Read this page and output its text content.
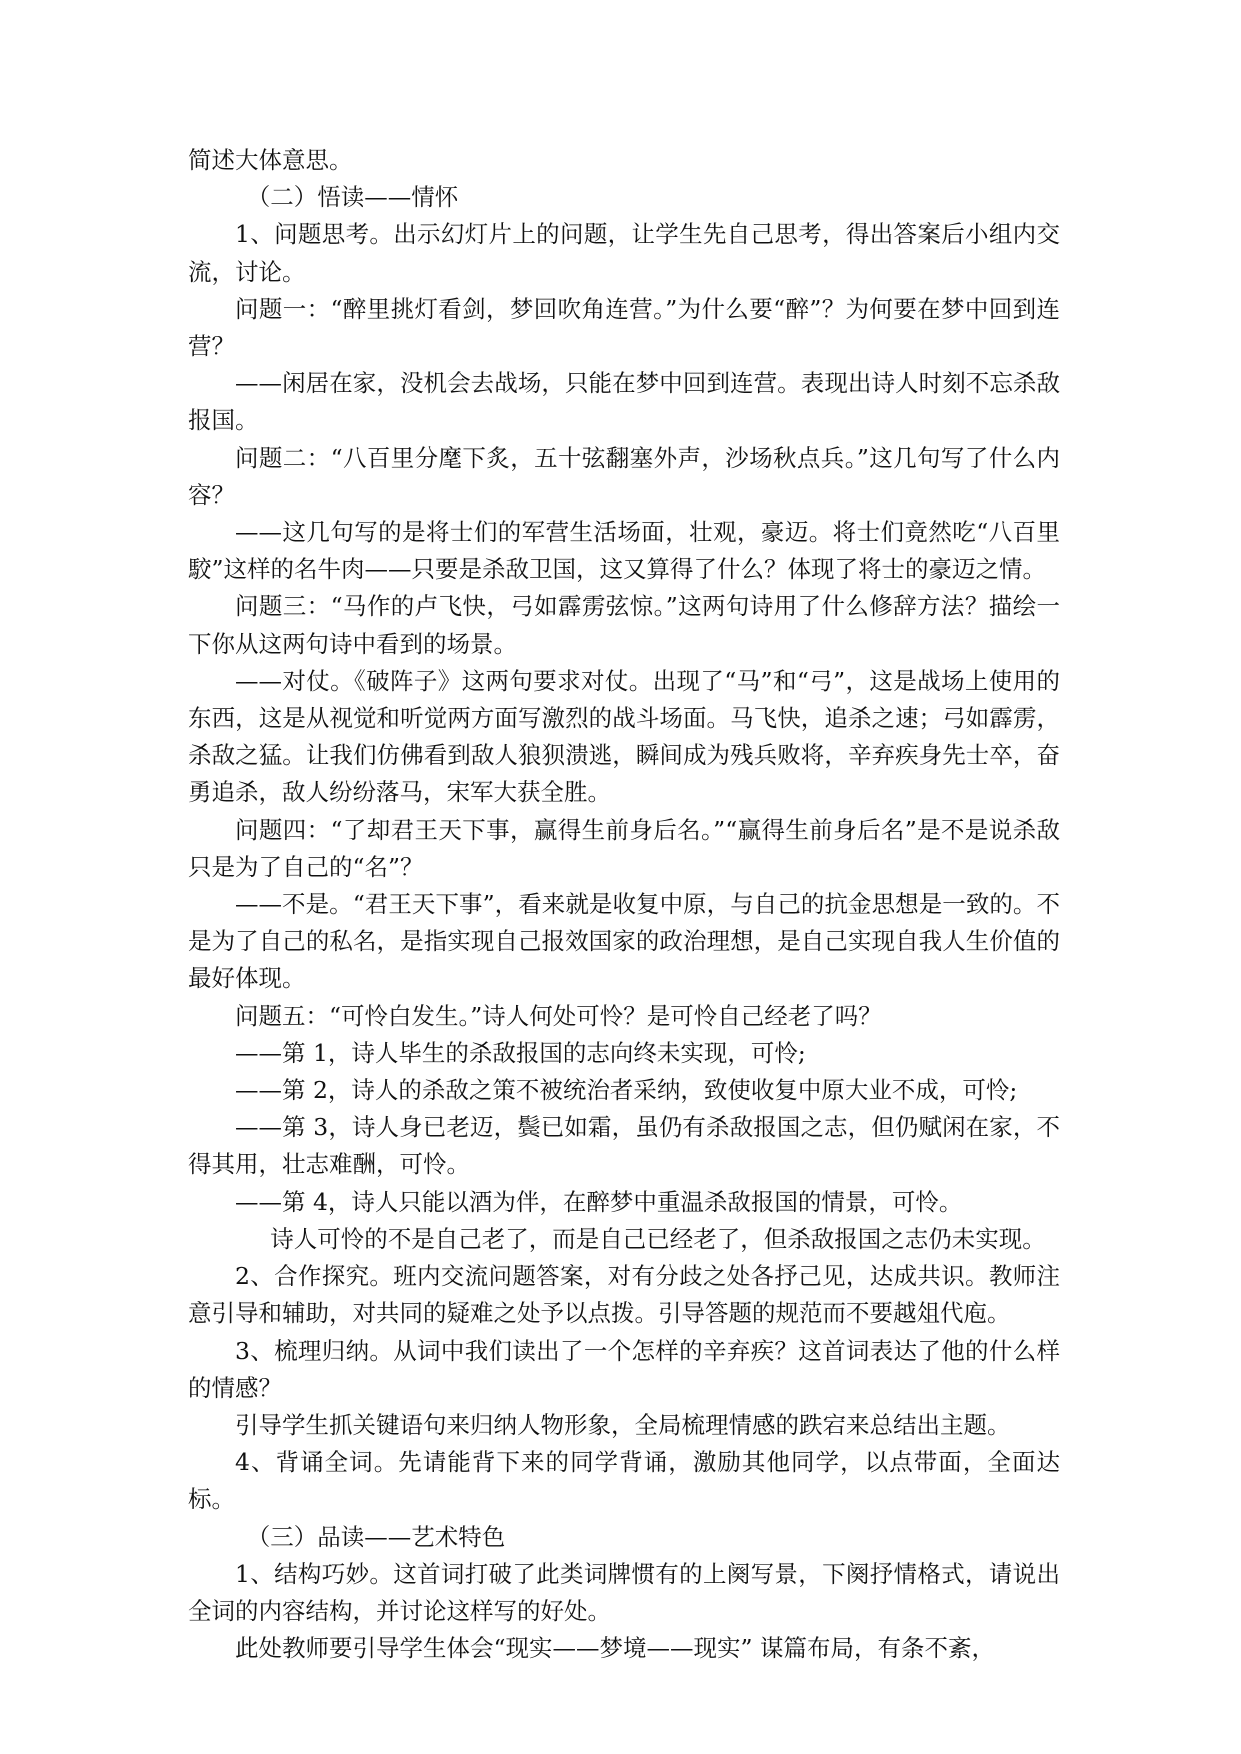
简述大体意思。

（二）悟读——情怀

1、问题思考。出示幻灯片上的问题，让学生先自己思考，得出答案后小组内交流，讨论。

问题一：“醉里挑灯看剑，梦回吹角连营。”为什么要“醉”？为何要在梦中回到连营？

——闲居在家，没机会去战场，只能在梦中回到连营。表现出诗人时刻不忘杀敌报国。

问题二：“八百里分麾下炙，五十弦翻塞外声，沙场秋点兵。”这几句写了什么内容？

——这几句写的是将士们的军营生活场面，壮观，豪迈。将士们竟然吃“八百里駮”这样的名牛肉——只要是杀敌卫国，这又算得了什么？体现了将士的豪迈之情。

问题三：“马作的卢飞快，弓如霹雳弦惊。”这两句诗用了什么修辞方法？描绘一下你从这两句诗中看到的场景。

——对仗。《破阵子》这两句要求对仗。出现了“马”和“弓”，这是战场上使用的东西，这是从视觉和听觉两方面写激烈的战斗场面。马飞快，追杀之速；弓如霹雳，杀敌之猛。让我们仿佛看到敌人狼狈溃逃，瞬间成为残兵败将，辛弃疾身先士卒，奋勇追杀，敌人纷纷落马，宋军大获全胜。

问题四：“了却君王天下事，赢得生前身后名。”“赢得生前身后名”是不是说杀敌只是为了自己的“名”？

——不是。“君王天下事”，看来就是收复中原，与自己的抗金思想是一致的。不是为了自己的私名，是指实现自己报效国家的政治理想，是自己实现自我人生价值的最好体现。

问题五：“可怜白发生。”诗人何处可怜？是可怜自己经老了吗？

——第 1，诗人毕生的杀敌报国的志向终未实现，可怜;

——第 2，诗人的杀敌之策不被统治者采纳，致使收复中原大业不成，可怜;

——第 3，诗人身已老迈，鬓已如霜，虽仍有杀敌报国之志，但仍赋闲在家，不得其用，壮志难酬，可怜。

——第 4，诗人只能以酒为伴，在醉梦中重温杀敌报国的情景，可怜。

诗人可怜的不是自己老了，而是自己已经老了，但杀敌报国之志仍未实现。

2、合作探究。班内交流问题答案，对有分歧之处各抒己见，达成共识。教师注意引导和辅助，对共同的疑难之处予以点拨。引导答题的规范而不要越俎代庖。

3、梳理归纳。从词中我们读出了一个怎样的辛弃疾？这首词表达了他的什么样的情感？

引导学生抓关键语句来归纳人物形象，全局梳理情感的跌宕来总结出主题。

4、背诵全词。先请能背下来的同学背诵，激励其他同学，以点带面，全面达标。

（三）品读——艺术特色

1、结构巧妙。这首词打破了此类词牌惯有的上阕写景，下阕抒情格式，请说出全词的内容结构，并讨论这样写的好处。

此处教师要引导学生体会“现实——梦境——现实” 谋篇布局，有条不紊，
